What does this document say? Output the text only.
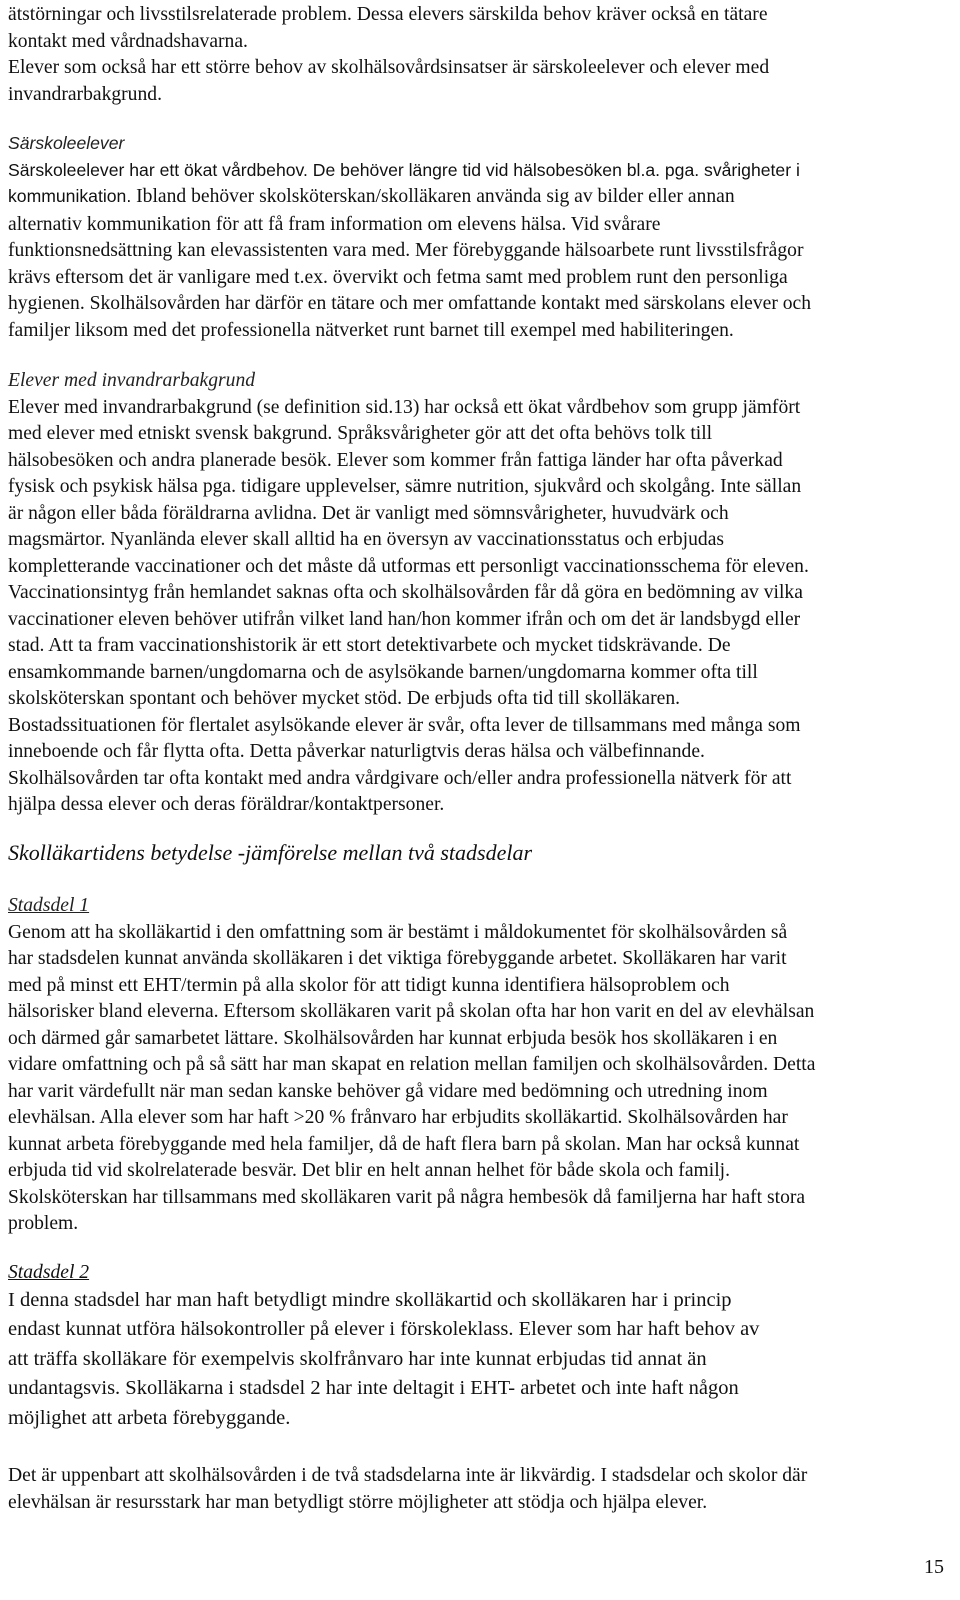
ätstörningar och livsstilsrelaterade problem. Dessa elevers särskilda behov kräver också en tätare
kontakt med vårdnadshavarna.
Elever som också har ett större behov av skolhälsovårdsinsatser är särskoleelever och elever med
invandrarbakgrund.
Särskoleelever
Särskoleelever har ett ökat vårdbehov. De behöver längre tid vid hälsobesöken bl.a. pga. svårigheter i
kommunikation. Ibland behöver skolsköterskan/skolläkaren använda sig av bilder eller annan
alternativ kommunikation för att få fram information om elevens hälsa. Vid svårare
funktionsnedsättning kan elevassistenten vara med. Mer förebyggande hälsoarbete runt livsstilsfrågor
krävs eftersom det är vanligare med t.ex. övervikt och fetma samt med problem runt den personliga
hygienen. Skolhälsovården har därför en tätare och mer omfattande kontakt med särskolans elever och
familjer liksom med det professionella nätverket runt barnet till exempel med habiliteringen.
Elever med invandrarbakgrund
Elever med invandrarbakgrund (se definition sid.13) har också ett ökat vårdbehov som grupp jämfört
med elever med etniskt svensk bakgrund. Språksvårigheter gör att det ofta behövs tolk till
hälsobesöken och andra planerade besök. Elever som kommer från fattiga länder har ofta påverkad
fysisk och psykisk hälsa pga. tidigare upplevelser, sämre nutrition, sjukvård och skolgång. Inte sällan
är någon eller båda föräldrarna avlidna. Det är vanligt med sömnsvårigheter, huvudvärk och
magsmärtor. Nyanlända elever skall alltid ha en översyn av vaccinationsstatus och erbjudas
kompletterande vaccinationer och det måste då utformas ett personligt vaccinationsschema för eleven.
Vaccinationsintyg från hemlandet saknas ofta och skolhälsovården får då göra en bedömning av vilka
vaccinationer eleven behöver utifrån vilket land han/hon kommer ifrån och om det är landsbygd eller
stad. Att ta fram vaccinationshistorik är ett stort detektivarbete och mycket tidskrävande. De
ensamkommande barnen/ungdomarna och de asylsökande barnen/ungdomarna kommer ofta till
skolsköterskan spontant och behöver mycket stöd. De erbjuds ofta tid till skolläkaren.
Bostadssituationen för flertalet asylsökande elever är svår, ofta lever de tillsammans med många som
inneboende och får flytta ofta. Detta påverkar naturligtvis deras hälsa och välbefinnande.
Skolhälsovården tar ofta kontakt med andra vårdgivare och/eller andra professionella nätverk för att
hjälpa dessa elever och deras föräldrar/kontaktpersoner.
Skolläkartidens betydelse -jämförelse mellan två stadsdelar
Stadsdel 1
Genom att ha skolläkartid i den omfattning som är bestämt i måldokumentet för skolhälsovården så
har stadsdelen kunnat använda skolläkaren i det viktiga förebyggande arbetet. Skolläkaren har varit
med på minst ett EHT/termin på alla skolor för att tidigt kunna identifiera hälsoproblem och
hälsorisker bland eleverna. Eftersom skolläkaren varit på skolan ofta har hon varit en del av elevhälsan
och därmed går samarbetet lättare. Skolhälsovården har kunnat erbjuda besök hos skolläkaren i en
vidare omfattning och på så sätt har man skapat en relation mellan familjen och skolhälsovården. Detta
har varit värdefullt när man sedan kanske behöver gå vidare med bedömning och utredning inom
elevhälsan. Alla elever som har haft >20 % frånvaro har erbjudits skolläkartid. Skolhälsovården har
kunnat arbeta förebyggande med hela familjer, då de haft flera barn på skolan. Man har också kunnat
erbjuda tid vid skolrelaterade besvär. Det blir en helt annan helhet för både skola och familj.
Skolsköterskan har tillsammans med skolläkaren varit på några hembesök då familjerna har haft stora
problem.
Stadsdel 2
I denna stadsdel har man haft betydligt mindre skolläkartid och skolläkaren har i princip
endast kunnat utföra hälsokontroller på elever i förskoleklass. Elever som har haft behov av
att träffa skolläkare för exempelvis skolfrånvaro har inte kunnat erbjudas tid annat än
undantagsvis. Skolläkarna i stadsdel 2 har inte deltagit i EHT- arbetet och inte haft någon
möjlighet att arbeta förebyggande.
Det är uppenbart att skolhälsovården i de två stadsdelarna inte är likvärdig. I stadsdelar och skolor där
elevhälsan är resursstark har man betydligt större möjligheter att stödja och hjälpa elever.
15
